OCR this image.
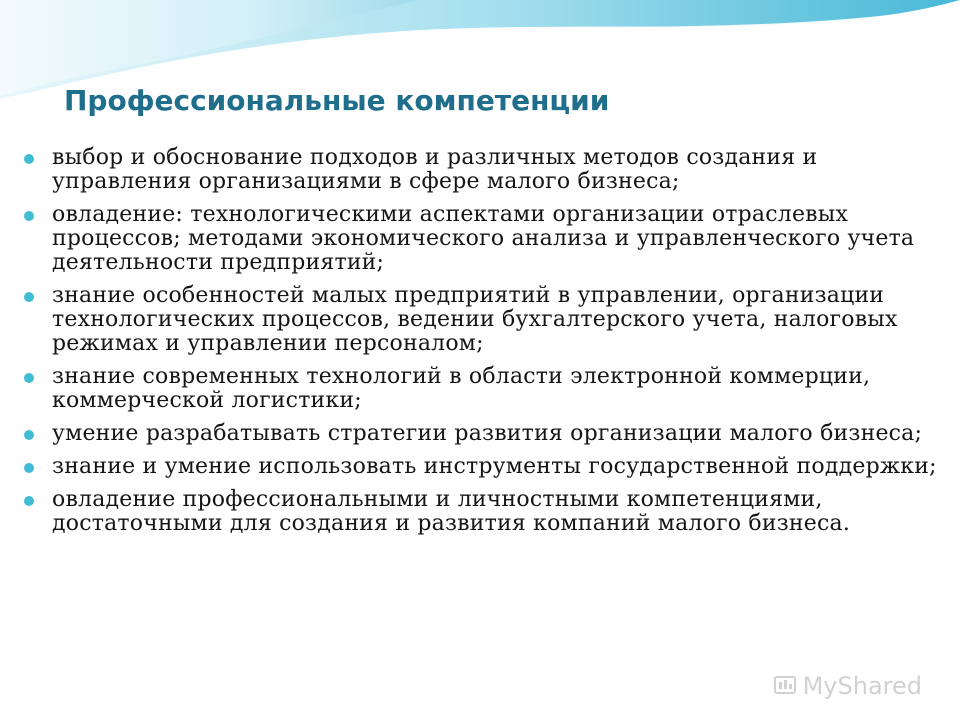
Профессиональные компетенции
выбор и обоснование подходов и различных методов создания и управления организациями в сфере малого бизнеса;
овладение: технологическими аспектами организации отраслевых процессов; методами экономического анализа и управленческого учета деятельности предприятий;
знание особенностей малых предприятий в управлении, организации технологических процессов, ведении бухгалтерского учета, налоговых режимах и управлении персоналом;
знание современных технологий в области электронной коммерции, коммерческой логистики;
умение разрабатывать стратегии развития организации малого бизнеса;
знание и умение использовать инструменты государственной поддержки;
овладение профессиональными и личностными компетенциями, достаточными для создания и развития компаний малого бизнеса.
MyShared
